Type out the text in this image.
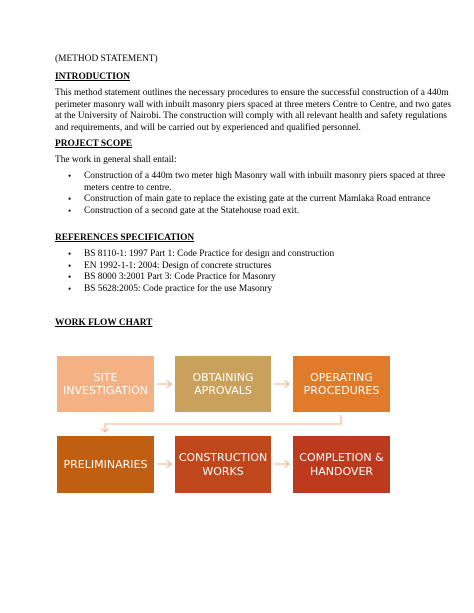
(METHOD STATEMENT)
INTRODUCTION
This method statement outlines the necessary procedures to ensure the successful construction of a 440m
perimeter masonry wall with inbuilt masonry piers spaced at three meters Centre to Centre, and two gates
at the University of Nairobi. The construction will comply with all relevant health and safety regulations
and requirements, and will be carried out by experienced and qualified personnel.
PROJECT SCOPE
The work in general shall entail:
• Construction of a 440m two meter high Masonry wall with inbuilt masonry piers spaced at three
meters centre to centre.
• Construction of main gate to replace the existing gate at the current Mamlaka Road entrance
• Construction of a second gate at the Statehouse road exit.
REFERENCES SPECIFICATION
• BS 8110-1: 1997 Part 1: Code Practice for design and construction
• EN 1992-1-1: 2004: Design of concrete structures
• BS 8000 3:2001 Part 3: Code Practice for Masonry
• BS 5628:2005: Code practice for the use Masonry
WORK FLOW CHART
SITE
INVESTIGATION
OBTAINING
APROVALS
OPERATING
PROCEDURES
PRELIMINARIES
CONSTRUCTION
WORKS
COMPLETION &
HANDOVER
